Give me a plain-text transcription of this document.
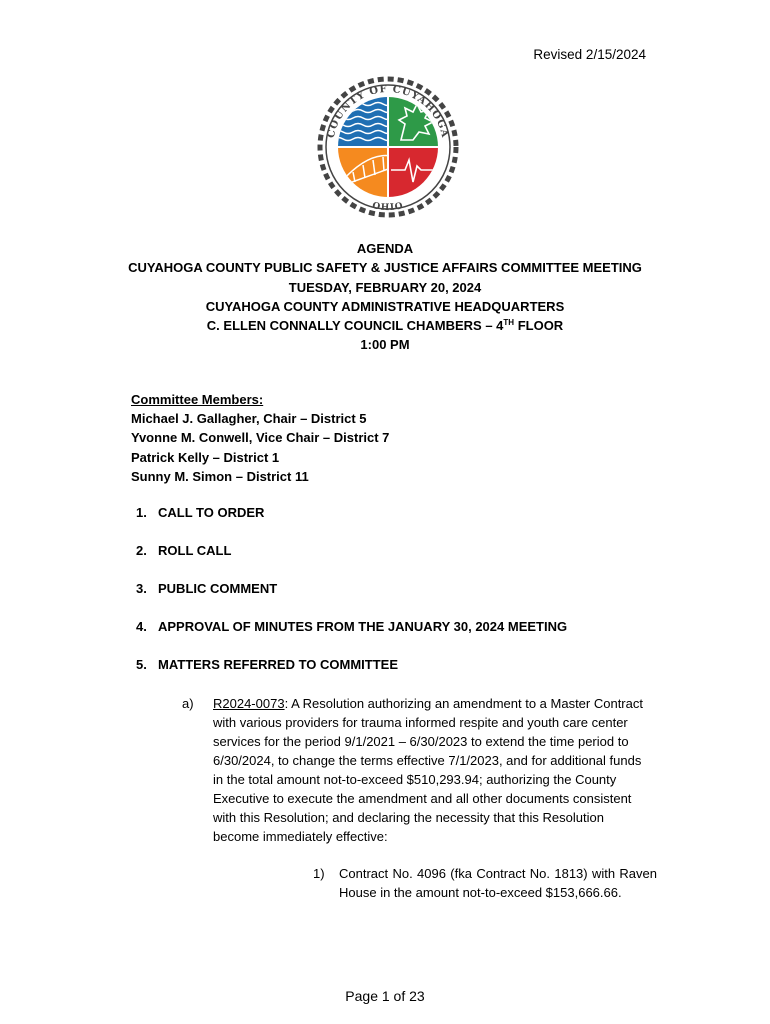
Revised 2/15/2024
COUNTY OF CUYAHOGA
OHIO
AGENDA
CUYAHOGA COUNTY PUBLIC SAFETY & JUSTICE AFFAIRS COMMITTEE MEETING
TUESDAY, FEBRUARY 20, 2024
CUYAHOGA COUNTY ADMINISTRATIVE HEADQUARTERS
C. ELLEN CONNALLY COUNCIL CHAMBERS – 4TH FLOOR
1:00 PM
Committee Members:
Michael J. Gallagher, Chair – District 5
Yvonne M. Conwell, Vice Chair – District 7
Patrick Kelly – District 1
Sunny M. Simon – District 11
1. CALL TO ORDER
2. ROLL CALL
3. PUBLIC COMMENT
4. APPROVAL OF MINUTES FROM THE JANUARY 30, 2024 MEETING
5. MATTERS REFERRED TO COMMITTEE
a)	R2024-0073: A Resolution authorizing an amendment to a Master Contract with various providers for trauma informed respite and youth care center services for the period 9/1/2021 – 6/30/2023 to extend the time period to 6/30/2024, to change the terms effective 7/1/2023, and for additional funds in the total amount not-to-exceed $510,293.94; authorizing the County Executive to execute the amendment and all other documents consistent with this Resolution; and declaring the necessity that this Resolution become immediately effective:
1)	Contract No. 4096 (fka Contract No. 1813) with Raven House in the amount not-to-exceed $153,666.66.
Page 1 of 23
